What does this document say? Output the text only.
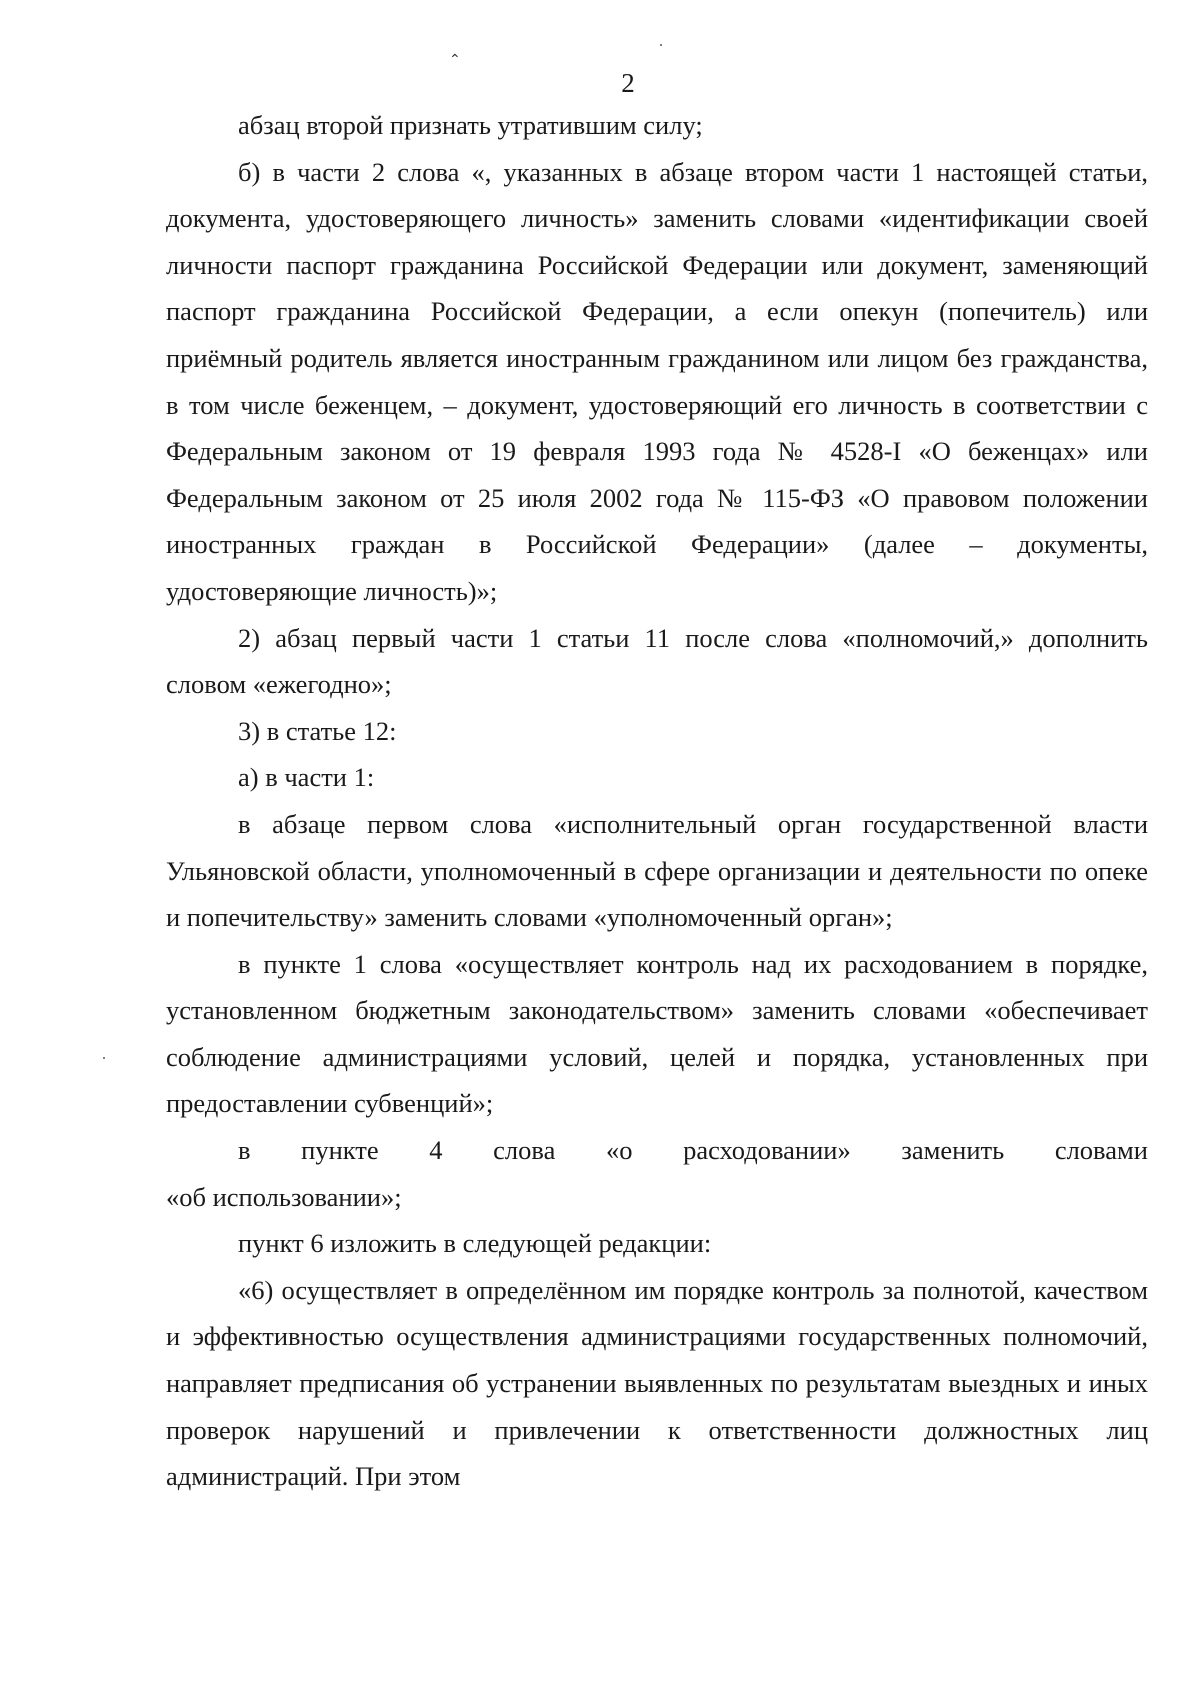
⌃
2

абзац второй признать утратившим силу;

б) в части 2 слова «, указанных в абзаце втором части 1 настоящей статьи, документа, удостоверяющего личность» заменить словами «идентификации своей личности паспорт гражданина Российской Федерации или документ, заменяющий паспорт гражданина Российской Федерации, а если опекун (попечитель) или приёмный родитель является иностранным гражданином или лицом без гражданства, в том числе беженцем, – документ, удостоверяющий его личность в соответствии с Федеральным законом от 19 февраля 1993 года № 4528-I «О беженцах» или Федеральным законом от 25 июля 2002 года № 115-ФЗ «О правовом положении иностранных граждан в Российской Федерации» (далее – документы, удостоверяющие личность)»;

2) абзац первый части 1 статьи 11 после слова «полномочий,» дополнить словом «ежегодно»;

3) в статье 12:

а) в части 1:

в абзаце первом слова «исполнительный орган государственной власти Ульяновской области, уполномоченный в сфере организации и деятельности по опеке и попечительству» заменить словами «уполномоченный орган»;

в пункте 1 слова «осуществляет контроль над их расходованием в порядке, установленном бюджетным законодательством» заменить словами «обеспечивает соблюдение администрациями условий, целей и порядка, установленных при предоставлении субвенций»;

в пункте 4 слова «о расходовании» заменить словами

«об использовании»;

пункт 6 изложить в следующей редакции:

«6) осуществляет в определённом им порядке контроль за полнотой, качеством и эффективностью осуществления администрациями государственных полномочий, направляет предписания об устранении выявленных по результатам выездных и иных проверок нарушений и привлечении к ответственности должностных лиц администраций. При этом
